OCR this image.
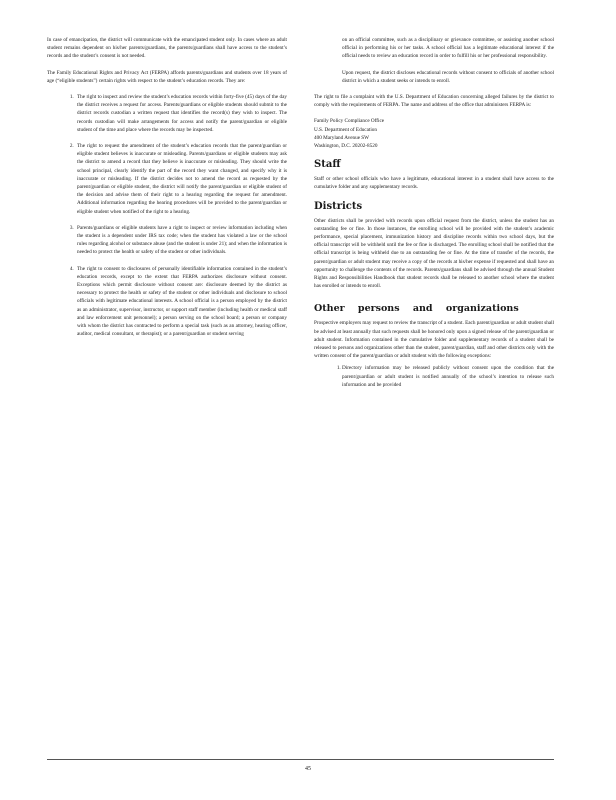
In case of emancipation, the district will communicate with the emancipated student only. In cases where an adult student remains dependent on his/her parents/guardians, the parents/guardians shall have access to the student’s records and the student’s consent is not needed.

The Family Educational Rights and Privacy Act (FERPA) affords parents/guardians and students over 18 years of age (“eligible students”) certain rights with respect to the student’s education records. They are:

1. The right to inspect and review the student’s education records within forty-five (45) days of the day the district receives a request for access. Parents/guardians or eligible students should submit to the district records custodian a written request that identifies the record(s) they wish to inspect. The records custodian will make arrangements for access and notify the parent/guardian or eligible student of the time and place where the records may be inspected.
2. The right to request the amendment of the student’s education records that the parent/guardian or eligible student believes is inaccurate or misleading. Parents/guardians or eligible students may ask the district to amend a record that they believe is inaccurate or misleading. They should write the school principal, clearly identify the part of the record they want changed, and specify why it is inaccurate or misleading. If the district decides not to amend the record as requested by the parent/guardian or eligible student, the district will notify the parent/guardian or eligible student of the decision and advise them of their right to a hearing regarding the request for amendment. Additional information regarding the hearing procedures will be provided to the parent/guardian or eligible student when notified of the right to a hearing.
3. Parents/guardians or eligible students have a right to inspect or review information including when the student is a dependent under IRS tax code; when the student has violated a law or the school rules regarding alcohol or substance abuse (and the student is under 21); and when the information is needed to protect the health or safety of the student or other individuals.
4. The right to consent to disclosures of personally identifiable information contained in the student’s education records, except to the extent that FERPA authorizes disclosure without consent. Exceptions which permit disclosure without consent are: disclosure deemed by the district as necessary to protect the health or safety of the student or other individuals and disclosure to school officials with legitimate educational interests. A school official is a person employed by the district as an administrator, supervisor, instructor, or support staff member (including health or medical staff and law enforcement unit personnel); a person serving on the school board; a person or company with whom the district has contracted to perform a special task (such as an attorney, hearing officer, auditor, medical consultant, or therapist); or a parent/guardian or student serving

on an official committee, such as a disciplinary or grievance committee, or assisting another school official in performing his or her tasks. A school official has a legitimate educational interest if the official needs to review an education record in order to fulfill his or her professional responsibility.

Upon request, the district discloses educational records without consent to officials of another school district in which a student seeks or intends to enroll.

The right to file a complaint with the U.S. Department of Education concerning alleged failures by the district to comply with the requirements of FERPA. The name and address of the office that administers FERPA is:

Family Policy Compliance Office
U.S. Department of Education
400 Maryland Avenue SW
Washington, D.C. 20202-8520

Staff

Staff or other school officials who have a legitimate, educational interest in a student shall have access to the cumulative folder and any supplementary records.

Districts

Other districts shall be provided with records upon official request from the district, unless the student has an outstanding fee or fine. In those instances, the enrolling school will be provided with the student’s academic performance, special placement, immunization history and discipline records within two school days, but the official transcript will be withheld until the fee or fine is discharged. The enrolling school shall be notified that the official transcript is being withheld due to an outstanding fee or fine. At the time of transfer of the records, the parent/guardian or adult student may receive a copy of the records at his/her expense if requested and shall have an opportunity to challenge the contents of the records. Parents/guardians shall be advised through the annual Student Rights and Responsibilities Handbook that student records shall be released to another school where the student has enrolled or intends to enroll.

Other persons and organizations

Prospective employers may request to review the transcript of a student. Each parent/guardian or adult student shall be advised at least annually that such requests shall be honored only upon a signed release of the parent/guardian or adult student. Information contained in the cumulative folder and supplementary records of a student shall be released to persons and organizations other than the student, parent/guardian, staff and other districts only with the written consent of the parent/guardian or adult student with the following exceptions:

1. Directory information may be released publicly without consent upon the condition that the parent/guardian or adult student is notified annually of the school’s intention to release such information and be provided
45
